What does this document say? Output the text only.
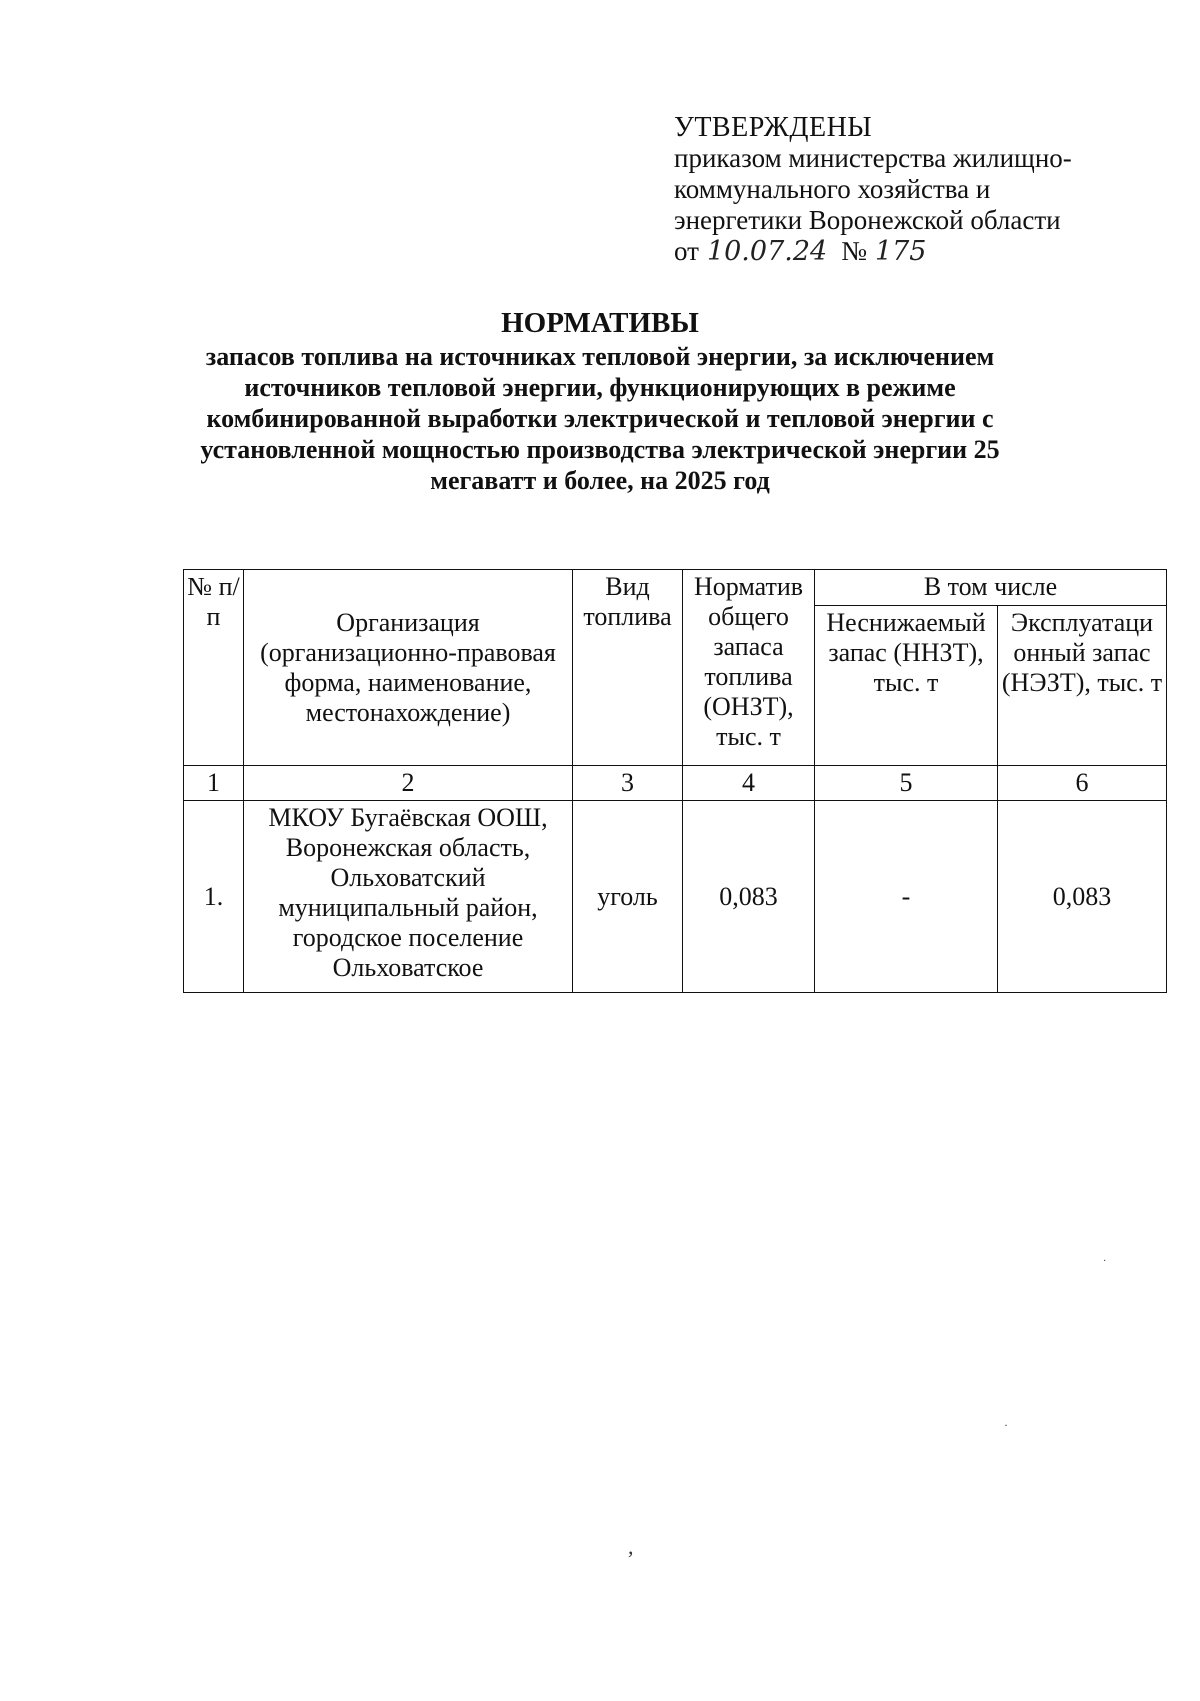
УТВЕРЖДЕНЫ
приказом министерства жилищно-
коммунального хозяйства и
энергетики Воронежской области
от 10.07.24 № 175
НОРМАТИВЫ
запасов топлива на источниках тепловой энергии, за исключением источников тепловой энергии, функционирующих в режиме комбинированной выработки электрической и тепловой энергии с установленной мощностью производства электрической энергии 25 мегаватт и более, на 2025 год
№ п/п	Организация (организационно-правовая форма, наименование, местонахождение)	Вид топлива	Норматив общего запаса топлива (ОНЗТ), тыс. т	В том числе	
				Неснижаемый запас (ННЗТ), тыс. т	Эксплуатаци онный запас (НЭЗТ), тыс. т
1	2	3	4	5	6
1.	МКОУ Бугаёвская ООШ, Воронежская область, Ольховатский муниципальный район, городское поселение Ольховатское	уголь	0,083	-	0,083
·
·
,
